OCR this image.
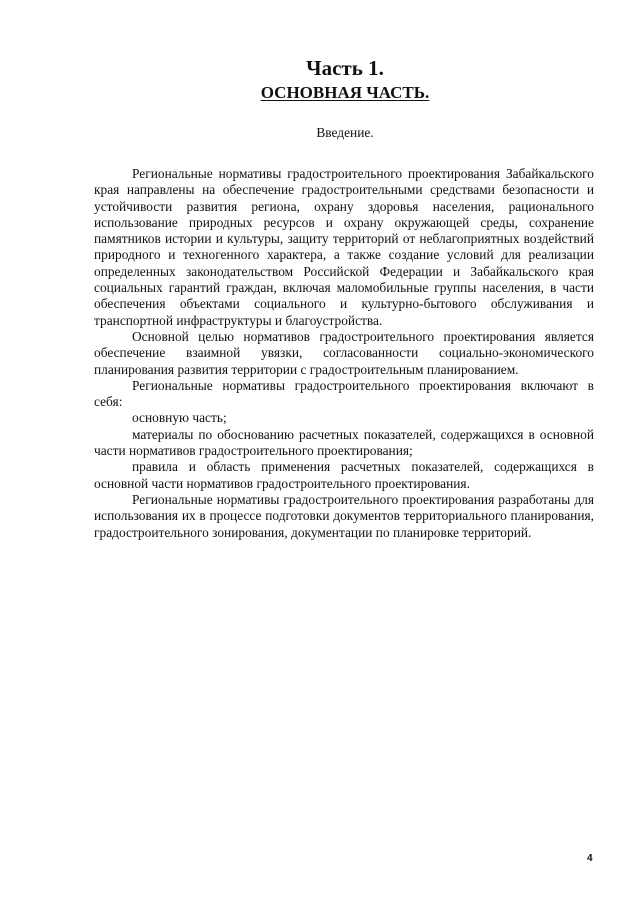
Часть 1.
ОСНОВНАЯ ЧАСТЬ.
Введение.

Региональные нормативы градостроительного проектирования Забайкальского края направлены на обеспечение градостроительными средствами безопасности и устойчивости развития региона, охрану здоровья населения, рационального использование природных ресурсов и охрану окружающей среды, сохранение памятников истории и культуры, защиту территорий от неблагоприятных воздействий природного и техногенного характера, а также создание условий для реализации определенных законодательством Российской Федерации и Забайкальского края социальных гарантий граждан, включая маломобильные группы населения, в части обеспечения объектами социального и культурно-бытового обслуживания и транспортной инфраструктуры и благоустройства.

Основной целью нормативов градостроительного проектирования является обеспечение взаимной увязки, согласованности социально-экономического планирования развития территории с градостроительным планированием.

Региональные нормативы градостроительного проектирования включают в себя:

основную часть;

материалы по обоснованию расчетных показателей, содержащихся в основной части нормативов градостроительного проектирования;

правила и область применения расчетных показателей, содержащихся в основной части нормативов градостроительного проектирования.

Региональные нормативы градостроительного проектирования разработаны для использования их в процессе подготовки документов территориального планирования, градостроительного зонирования, документации по планировке территорий.

4
